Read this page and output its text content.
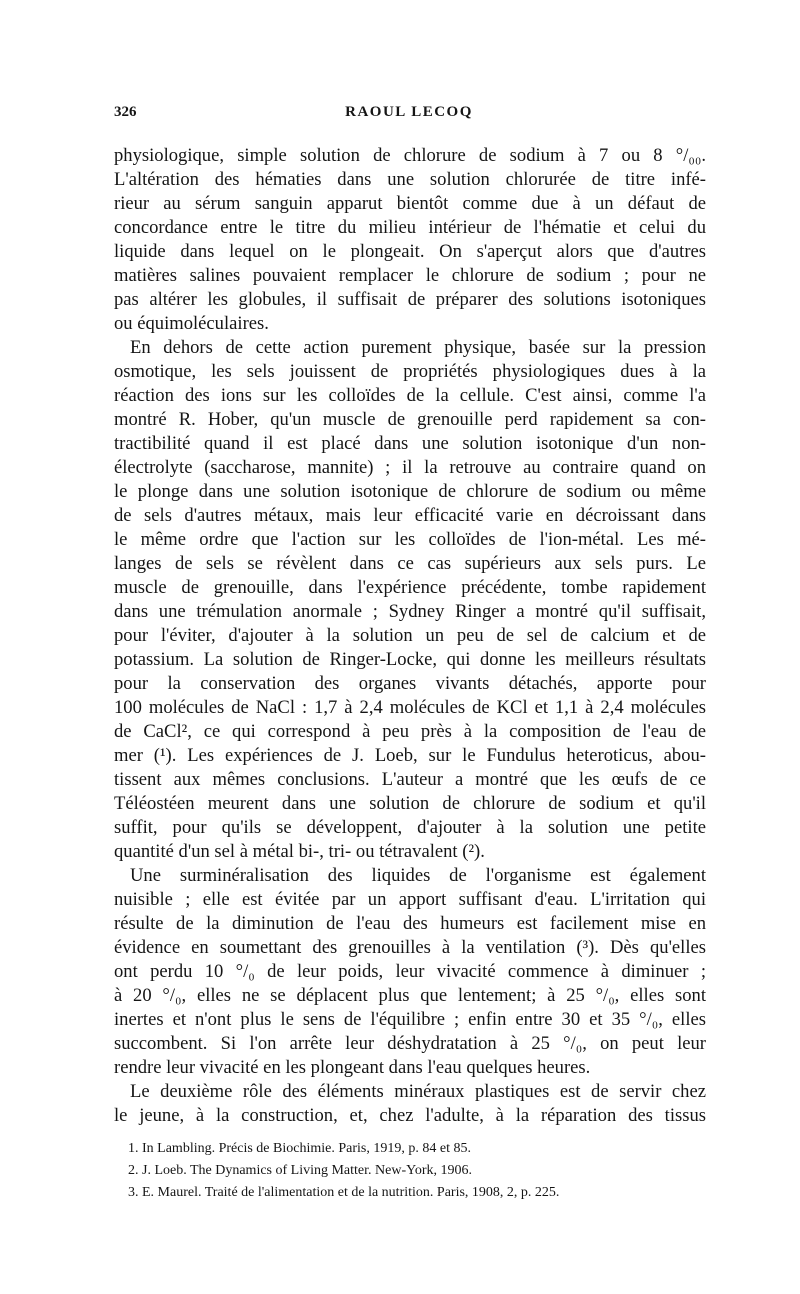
326	RAOUL LECOQ
physiologique, simple solution de chlorure de sodium à 7 ou 8 °/₀₀.
L'altération des hématies dans une solution chlorurée de titre infé-
rieur au sérum sanguin apparut bientôt comme due à un défaut de
concordance entre le titre du milieu intérieur de l'hématie et celui du
liquide dans lequel on le plongeait. On s'aperçut alors que d'autres
matières salines pouvaient remplacer le chlorure de sodium ; pour ne
pas altérer les globules, il suffisait de préparer des solutions isotoniques
ou équimoléculaires.
En dehors de cette action purement physique, basée sur la pression
osmotique, les sels jouissent de propriétés physiologiques dues à la
réaction des ions sur les colloïdes de la cellule. C'est ainsi, comme l'a
montré R. Hober, qu'un muscle de grenouille perd rapidement sa con-
tractibilité quand il est placé dans une solution isotonique d'un non-
électrolyte (saccharose, mannite) ; il la retrouve au contraire quand on
le plonge dans une solution isotonique de chlorure de sodium ou même
de sels d'autres métaux, mais leur efficacité varie en décroissant dans
le même ordre que l'action sur les colloïdes de l'ion-métal. Les mé-
langes de sels se révèlent dans ce cas supérieurs aux sels purs. Le
muscle de grenouille, dans l'expérience précédente, tombe rapidement
dans une trémulation anormale ; Sydney Ringer a montré qu'il suffisait,
pour l'éviter, d'ajouter à la solution un peu de sel de calcium et de
potassium. La solution de Ringer-Locke, qui donne les meilleurs résultats
pour la conservation des organes vivants détachés, apporte pour
100 molécules de NaCl : 1,7 à 2,4 molécules de KCl et 1,1 à 2,4 molécules
de CaCl², ce qui correspond à peu près à la composition de l'eau de
mer (¹). Les expériences de J. Loeb, sur le Fundulus heteroticus, abou-
tissent aux mêmes conclusions. L'auteur a montré que les œufs de ce
Téléostéen meurent dans une solution de chlorure de sodium et qu'il
suffit, pour qu'ils se développent, d'ajouter à la solution une petite
quantité d'un sel à métal bi-, tri- ou tétravalent (²).
Une surminéralisation des liquides de l'organisme est également
nuisible ; elle est évitée par un apport suffisant d'eau. L'irritation qui
résulte de la diminution de l'eau des humeurs est facilement mise en
évidence en soumettant des grenouilles à la ventilation (³). Dès qu'elles
ont perdu 10 °/₀ de leur poids, leur vivacité commence à diminuer ;
à 20 °/₀, elles ne se déplacent plus que lentement; à 25 °/₀, elles sont
inertes et n'ont plus le sens de l'équilibre ; enfin entre 30 et 35 °/₀, elles
succombent. Si l'on arrête leur déshydratation à 25 °/₀, on peut leur
rendre leur vivacité en les plongeant dans l'eau quelques heures.
Le deuxième rôle des éléments minéraux plastiques est de servir chez
le jeune, à la construction, et, chez l'adulte, à la réparation des tissus
1. In Lambling. Précis de Biochimie. Paris, 1919, p. 84 et 85.
2. J. Loeb. The Dynamics of Living Matter. New-York, 1906.
3. E. Maurel. Traité de l'alimentation et de la nutrition. Paris, 1908, 2, p. 225.
